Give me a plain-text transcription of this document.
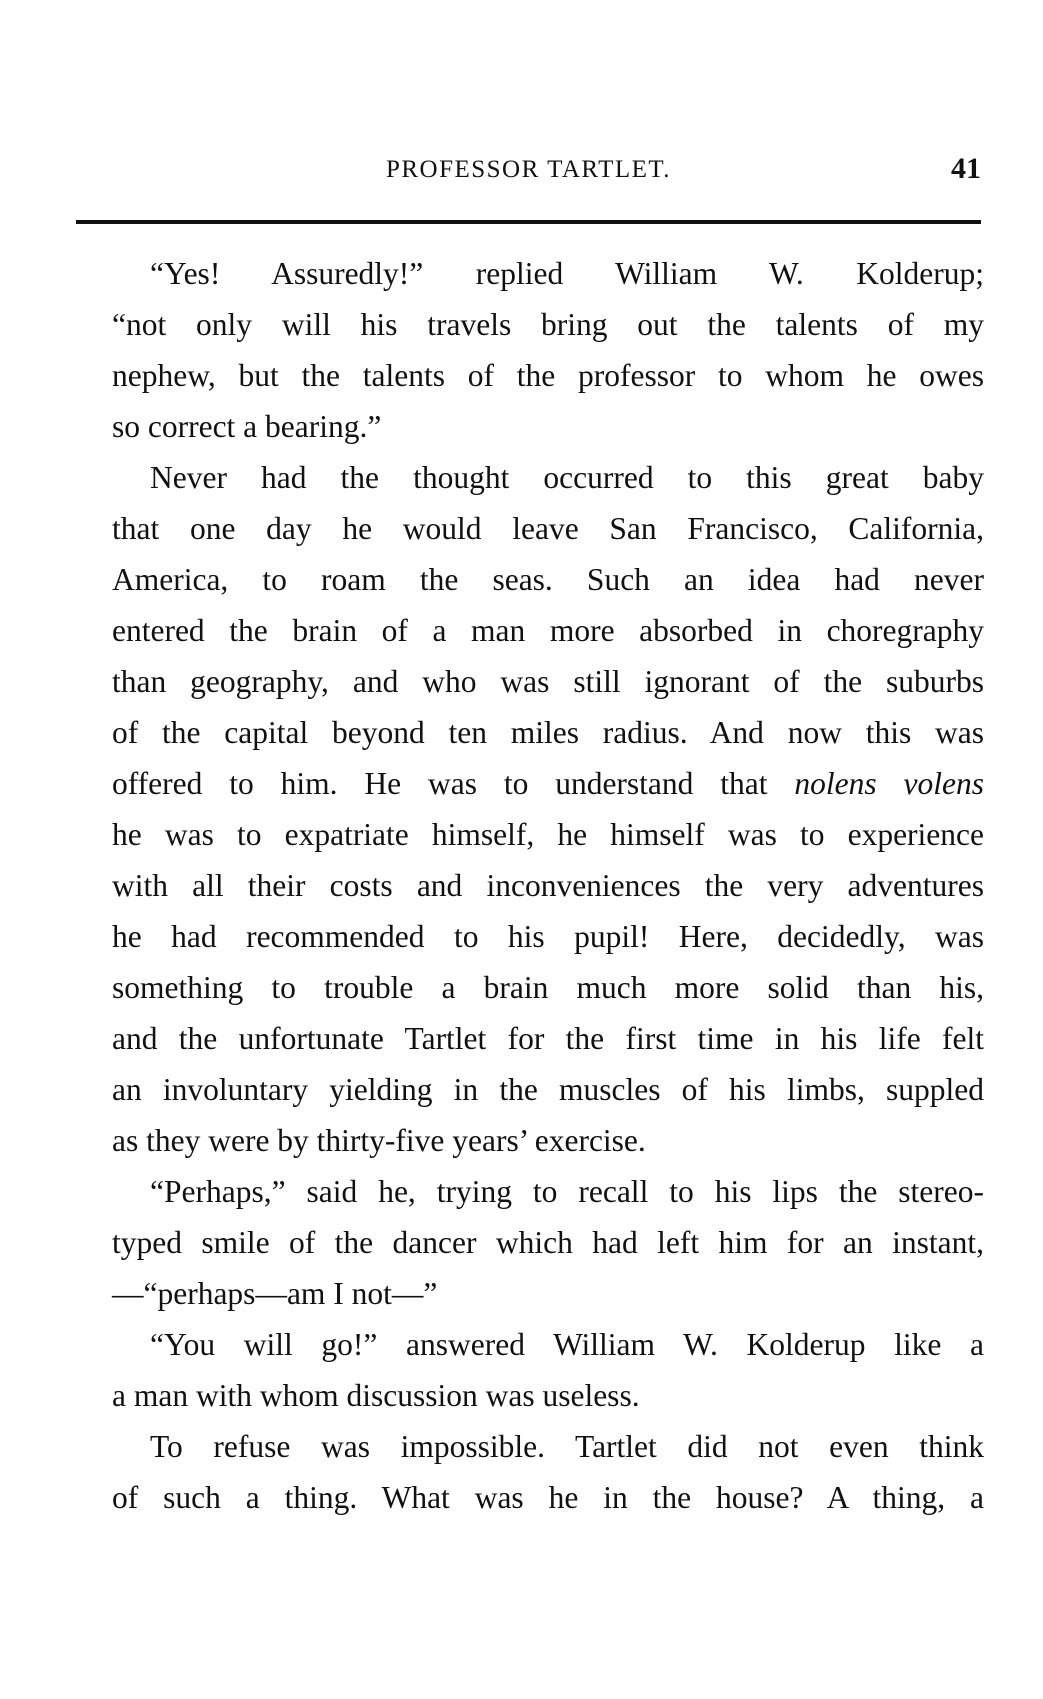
PROFESSOR TARTLET.	41
“Yes! Assuredly!” replied William W. Kolderup;
“not only will his travels bring out the talents of my
nephew, but the talents of the professor to whom he owes
so correct a bearing.”
Never had the thought occurred to this great baby
that one day he would leave San Francisco, California,
America, to roam the seas. Such an idea had never
entered the brain of a man more absorbed in choregraphy
than geography, and who was still ignorant of the suburbs
of the capital beyond ten miles radius. And now this was
offered to him. He was to understand that nolens volens
he was to expatriate himself, he himself was to experience
with all their costs and inconveniences the very adventures
he had recommended to his pupil! Here, decidedly, was
something to trouble a brain much more solid than his,
and the unfortunate Tartlet for the first time in his life felt
an involuntary yielding in the muscles of his limbs, suppled
as they were by thirty-five years’ exercise.
“Perhaps,” said he, trying to recall to his lips the stereo-
typed smile of the dancer which had left him for an instant,
—“perhaps—am I not—”
“You will go!” answered William W. Kolderup like a
a man with whom discussion was useless.
To refuse was impossible. Tartlet did not even think
of such a thing. What was he in the house? A thing, a
